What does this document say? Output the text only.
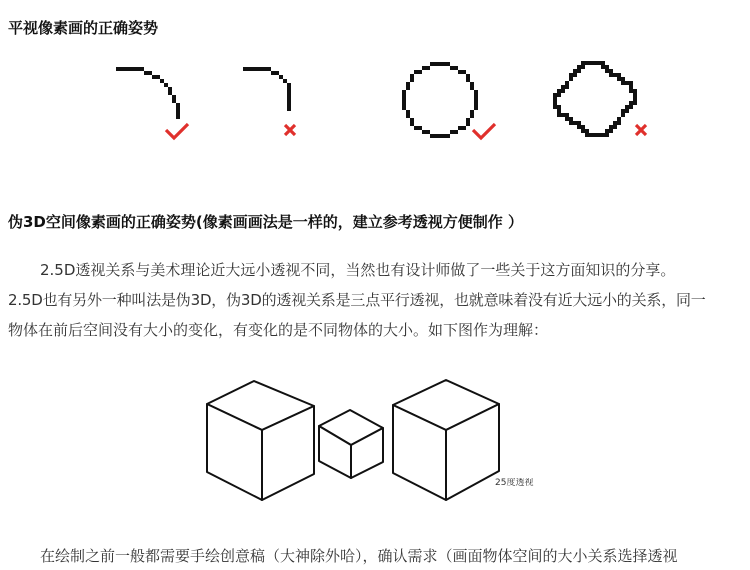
平视像素画的正确姿势
伪3D空间像素画的正确姿势(像素画画法是一样的，建立参考透视方便制作 ）
2.5D透视关系与美术理论近大远小透视不同，当然也有设计师做了一些关于这方面知识的分享。
2.5D也有另外一种叫法是伪3D，伪3D的透视关系是三点平行透视，也就意味着没有近大远小的关系，同一
物体在前后空间没有大小的变化，有变化的是不同物体的大小。如下图作为理解：
25度透视
在绘制之前一般都需要手绘创意稿（大神除外哈），确认需求（画面物体空间的大小关系选择透视
